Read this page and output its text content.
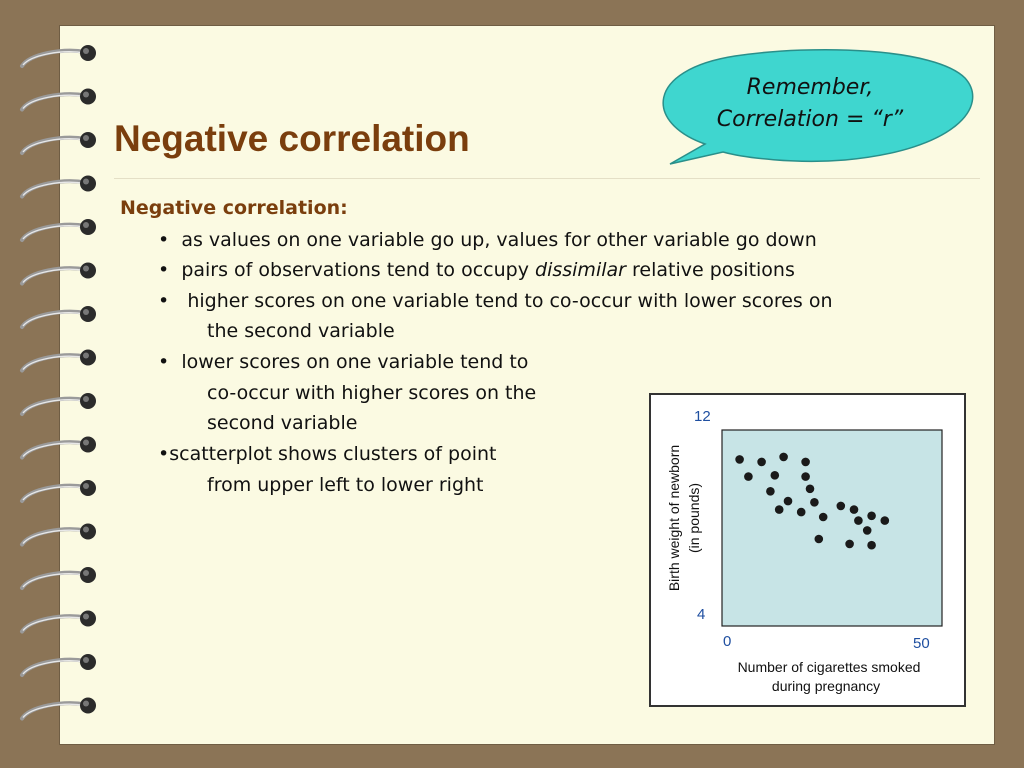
Remember,
Correlation = “r”
Negative correlation
Negative correlation:
• as values on one variable go up, values for other variable go down
• pairs of observations tend to occupy dissimilar relative positions
• higher scores on one variable tend to co-occur with lower scores on
the second variable
• lower scores on one variable tend to
co-occur with higher scores on the
second variable
•scatterplot shows clusters of point
from upper left to lower right
12
4
0	50
Birth weight of newborn (in pounds)
Number of cigarettes smoked
during pregnancy
